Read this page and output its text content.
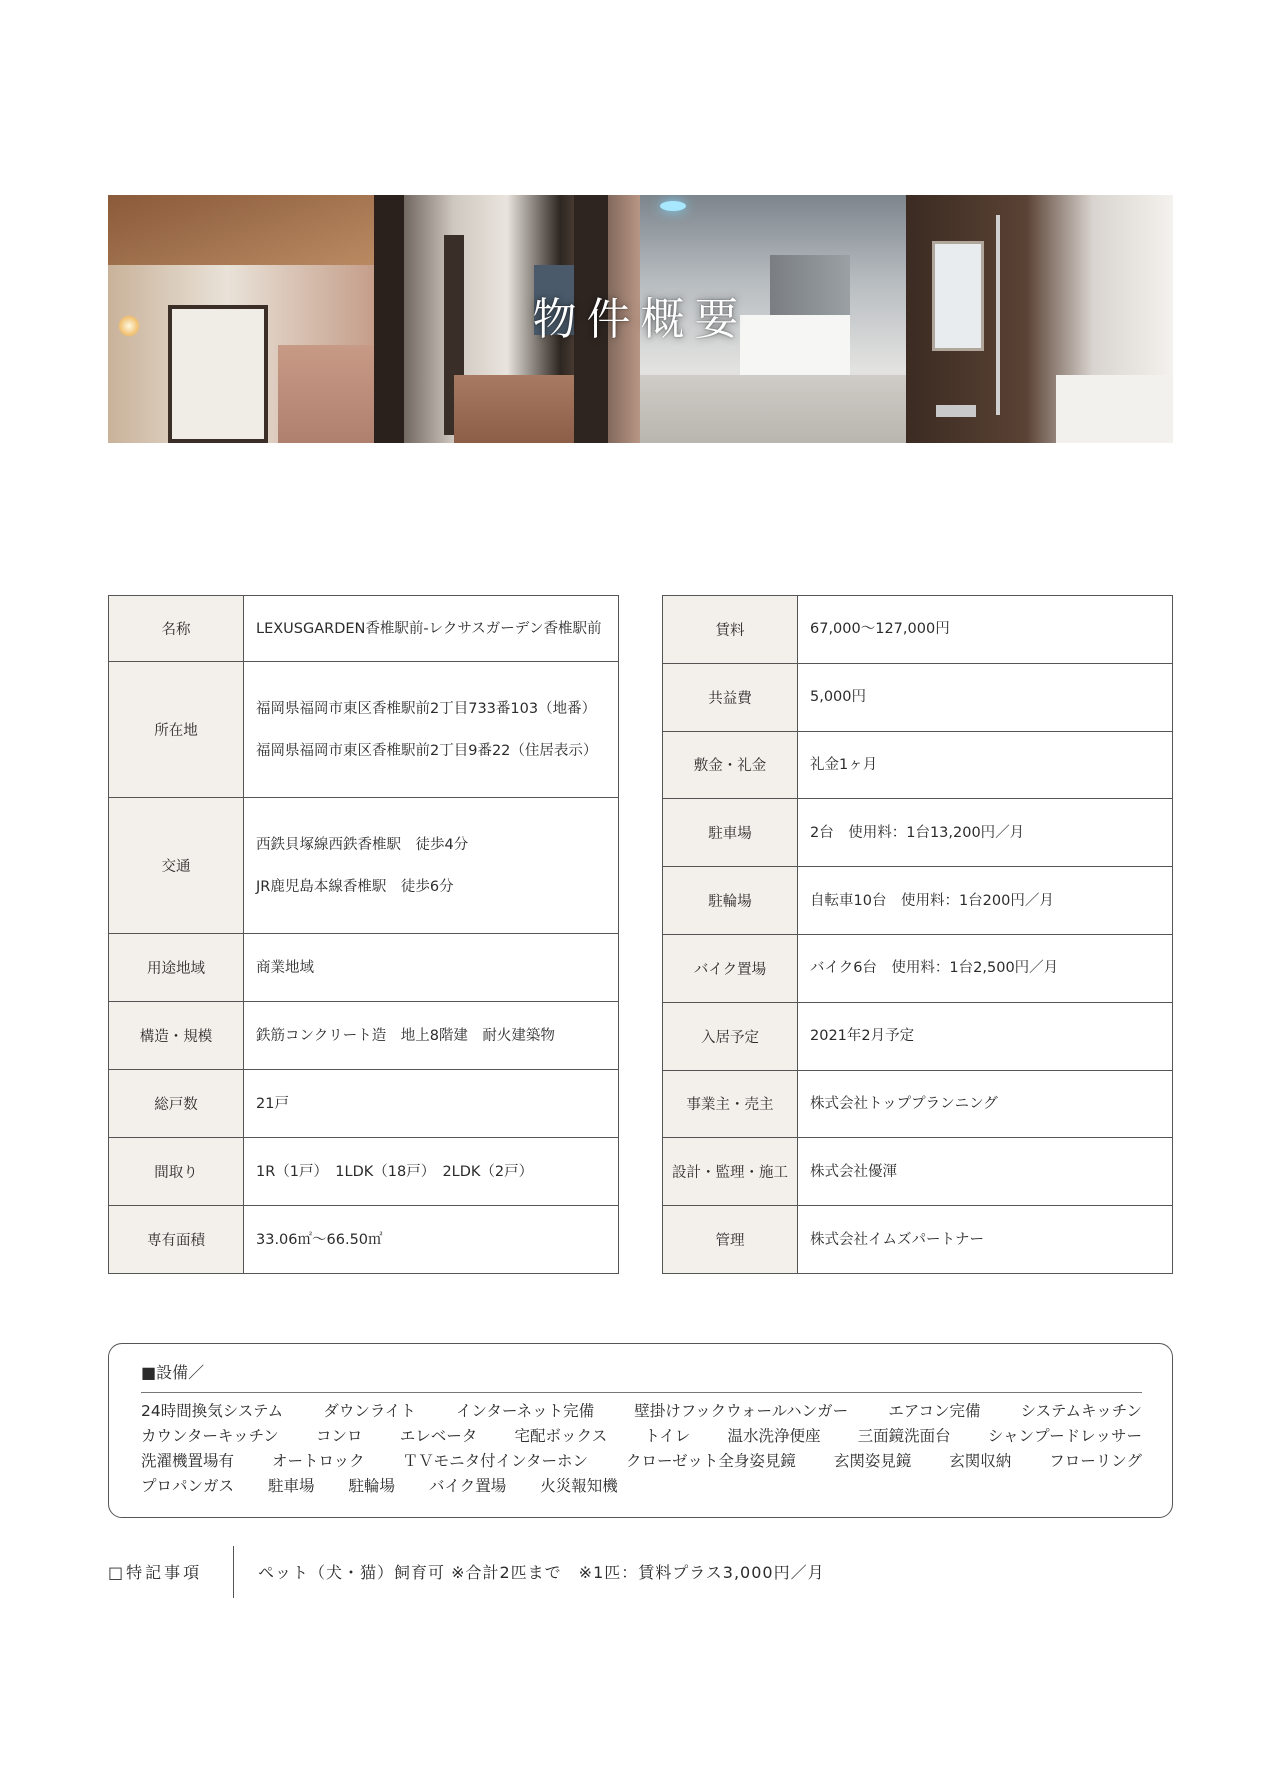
物件概要
名称	LEXUSGARDEN香椎駅前-レクサスガーデン香椎駅前
所在地	福岡県福岡市東区香椎駅前2丁目733番103（地番）
福岡県福岡市東区香椎駅前2丁目9番22（住居表示）

交通	西鉄貝塚線西鉄香椎駅　徒歩4分
JR鹿児島本線香椎駅　徒歩6分

用途地域	商業地域
構造・規模	鉄筋コンクリート造　地上8階建　耐火建築物
総戸数	21戸
間取り	1R（1戸）　1LDK（18戸）　2LDK（2戸）
専有面積	33.06㎡～66.50㎡
賃料	67,000～127,000円
共益費	5,000円
敷金・礼金	礼金1ヶ月
駐車場	2台　使用料：1台13,200円／月
駐輪場	自転車10台　使用料：1台200円／月
バイク置場	バイク6台　使用料：1台2,500円／月
入居予定	2021年2月予定
事業主・売主	株式会社トッププランニング
設計・監理・施工	株式会社優渾
管理	株式会社イムズパートナー
■設備／
24時間換気システム	ダウンライト	インターネット完備	壁掛けフックウォールハンガー	エアコン完備	システムキッチン
カウンターキッチン コンロ エレベータ 宅配ボックス トイレ 温水洗浄便座 三面鏡洗面台 シャンプードレッサー
洗濯機置場有 オートロック ＴＶモニタ付インターホン クローゼット全身姿見鏡 玄関姿見鏡 玄関収納 フローリング
プロパンガス 駐車場 駐輪場 バイク置場 火災報知機
□特記事項	ペット（犬・猫）飼育可 ※合計2匹まで　※1匹：賃料プラス3,000円／月
